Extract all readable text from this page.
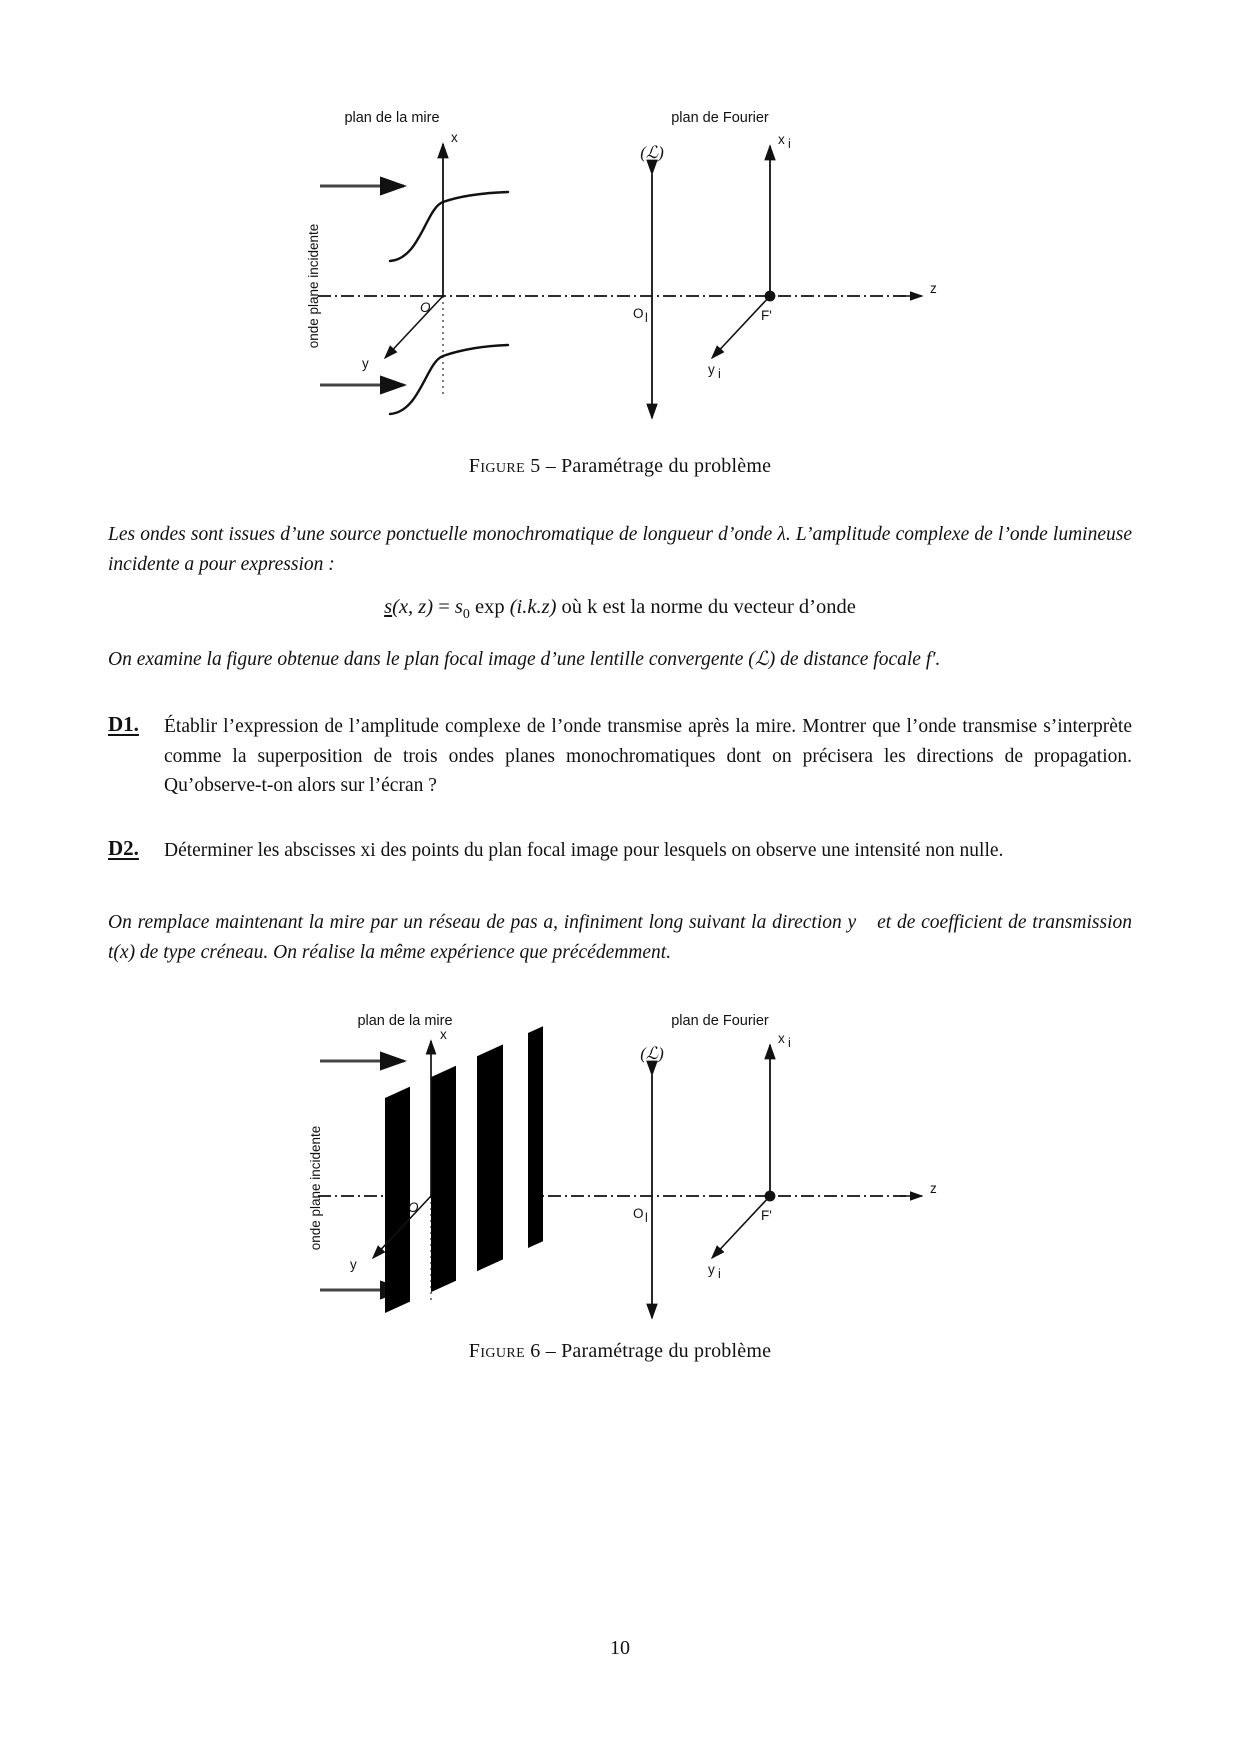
plan de la mire	plan de Fourier
z
onde plane incidente
x
y
O
(ℒ)
O l
x i
y i
F'
Figure 5 – Paramétrage du problème

Les ondes sont issues d’une source ponctuelle monochromatique de longueur d’onde λ. L’amplitude complexe de l’onde lumineuse incidente a pour expression :

s(x, $z) = s_0$ exp (i.k.z) où k est la norme du vecteur d’onde

On examine la figure obtenue dans le plan focal image d’une lentille convergente (ℒ) de distance focale f′.

D1.	Établir l’expression de l’amplitude complexe de l’onde transmise après la mire. Montrer que l’onde transmise s’interprète comme la superposition de trois ondes planes monochromatiques dont on précisera les directions de propagation. Qu’observe-t-on alors sur l’écran ?
D2.	Déterminer les abscisses xi des points du plan focal image pour lesquels on observe une intensité non nulle.

On remplace maintenant la mire par un réseau de pas a, infiniment long suivant la direction y⃗ et de coefficient de transmission t(x) de type créneau. On réalise la même expérience que précédemment.

plan de la mire	plan de Fourier
z
onde plane incidente
x
y
O
(ℒ)
O l
x i
y i
F'
Figure 6 – Paramétrage du problème
10
